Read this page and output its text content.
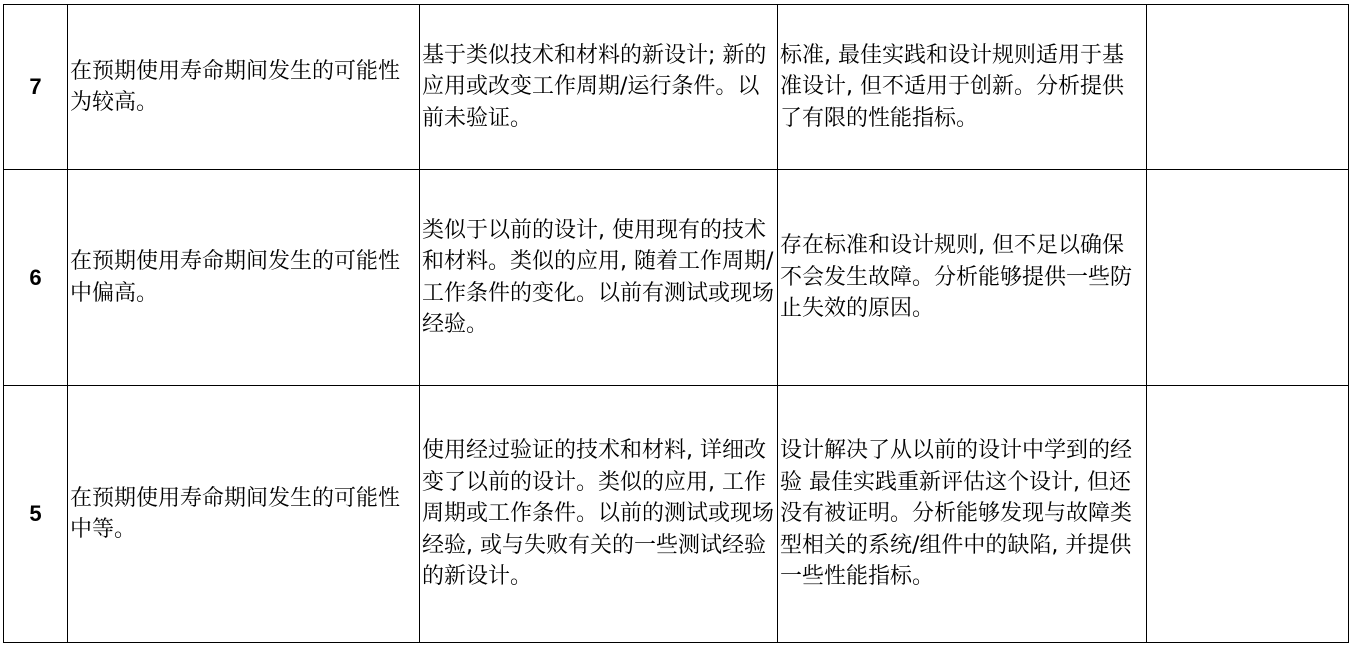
7	在预期使用寿命期间发生的可能性为较高。	基于类似技术和材料的新设计; 新的应用或改变工作周期/运行条件。以前未验证。	标准, 最佳实践和设计规则适用于基准设计, 但不适用于创新。分析提供了有限的性能指标。	
6	在预期使用寿命期间发生的可能性中偏高。	类似于以前的设计, 使用现有的技术和材料。类似的应用, 随着工作周期/工作条件的变化。以前有测试或现场经验。	存在标准和设计规则, 但不足以确保不会发生故障。分析能够提供一些防止失效的原因。	
5	在预期使用寿命期间发生的可能性中等。	使用经过验证的技术和材料, 详细改变了以前的设计。类似的应用, 工作周期或工作条件。以前的测试或现场经验, 或与失败有关的一些测试经验的新设计。	设计解决了从以前的设计中学到的经验 最佳实践重新评估这个设计, 但还没有被证明。分析能够发现与故障类型相关的系统/组件中的缺陷, 并提供一些性能指标。	
